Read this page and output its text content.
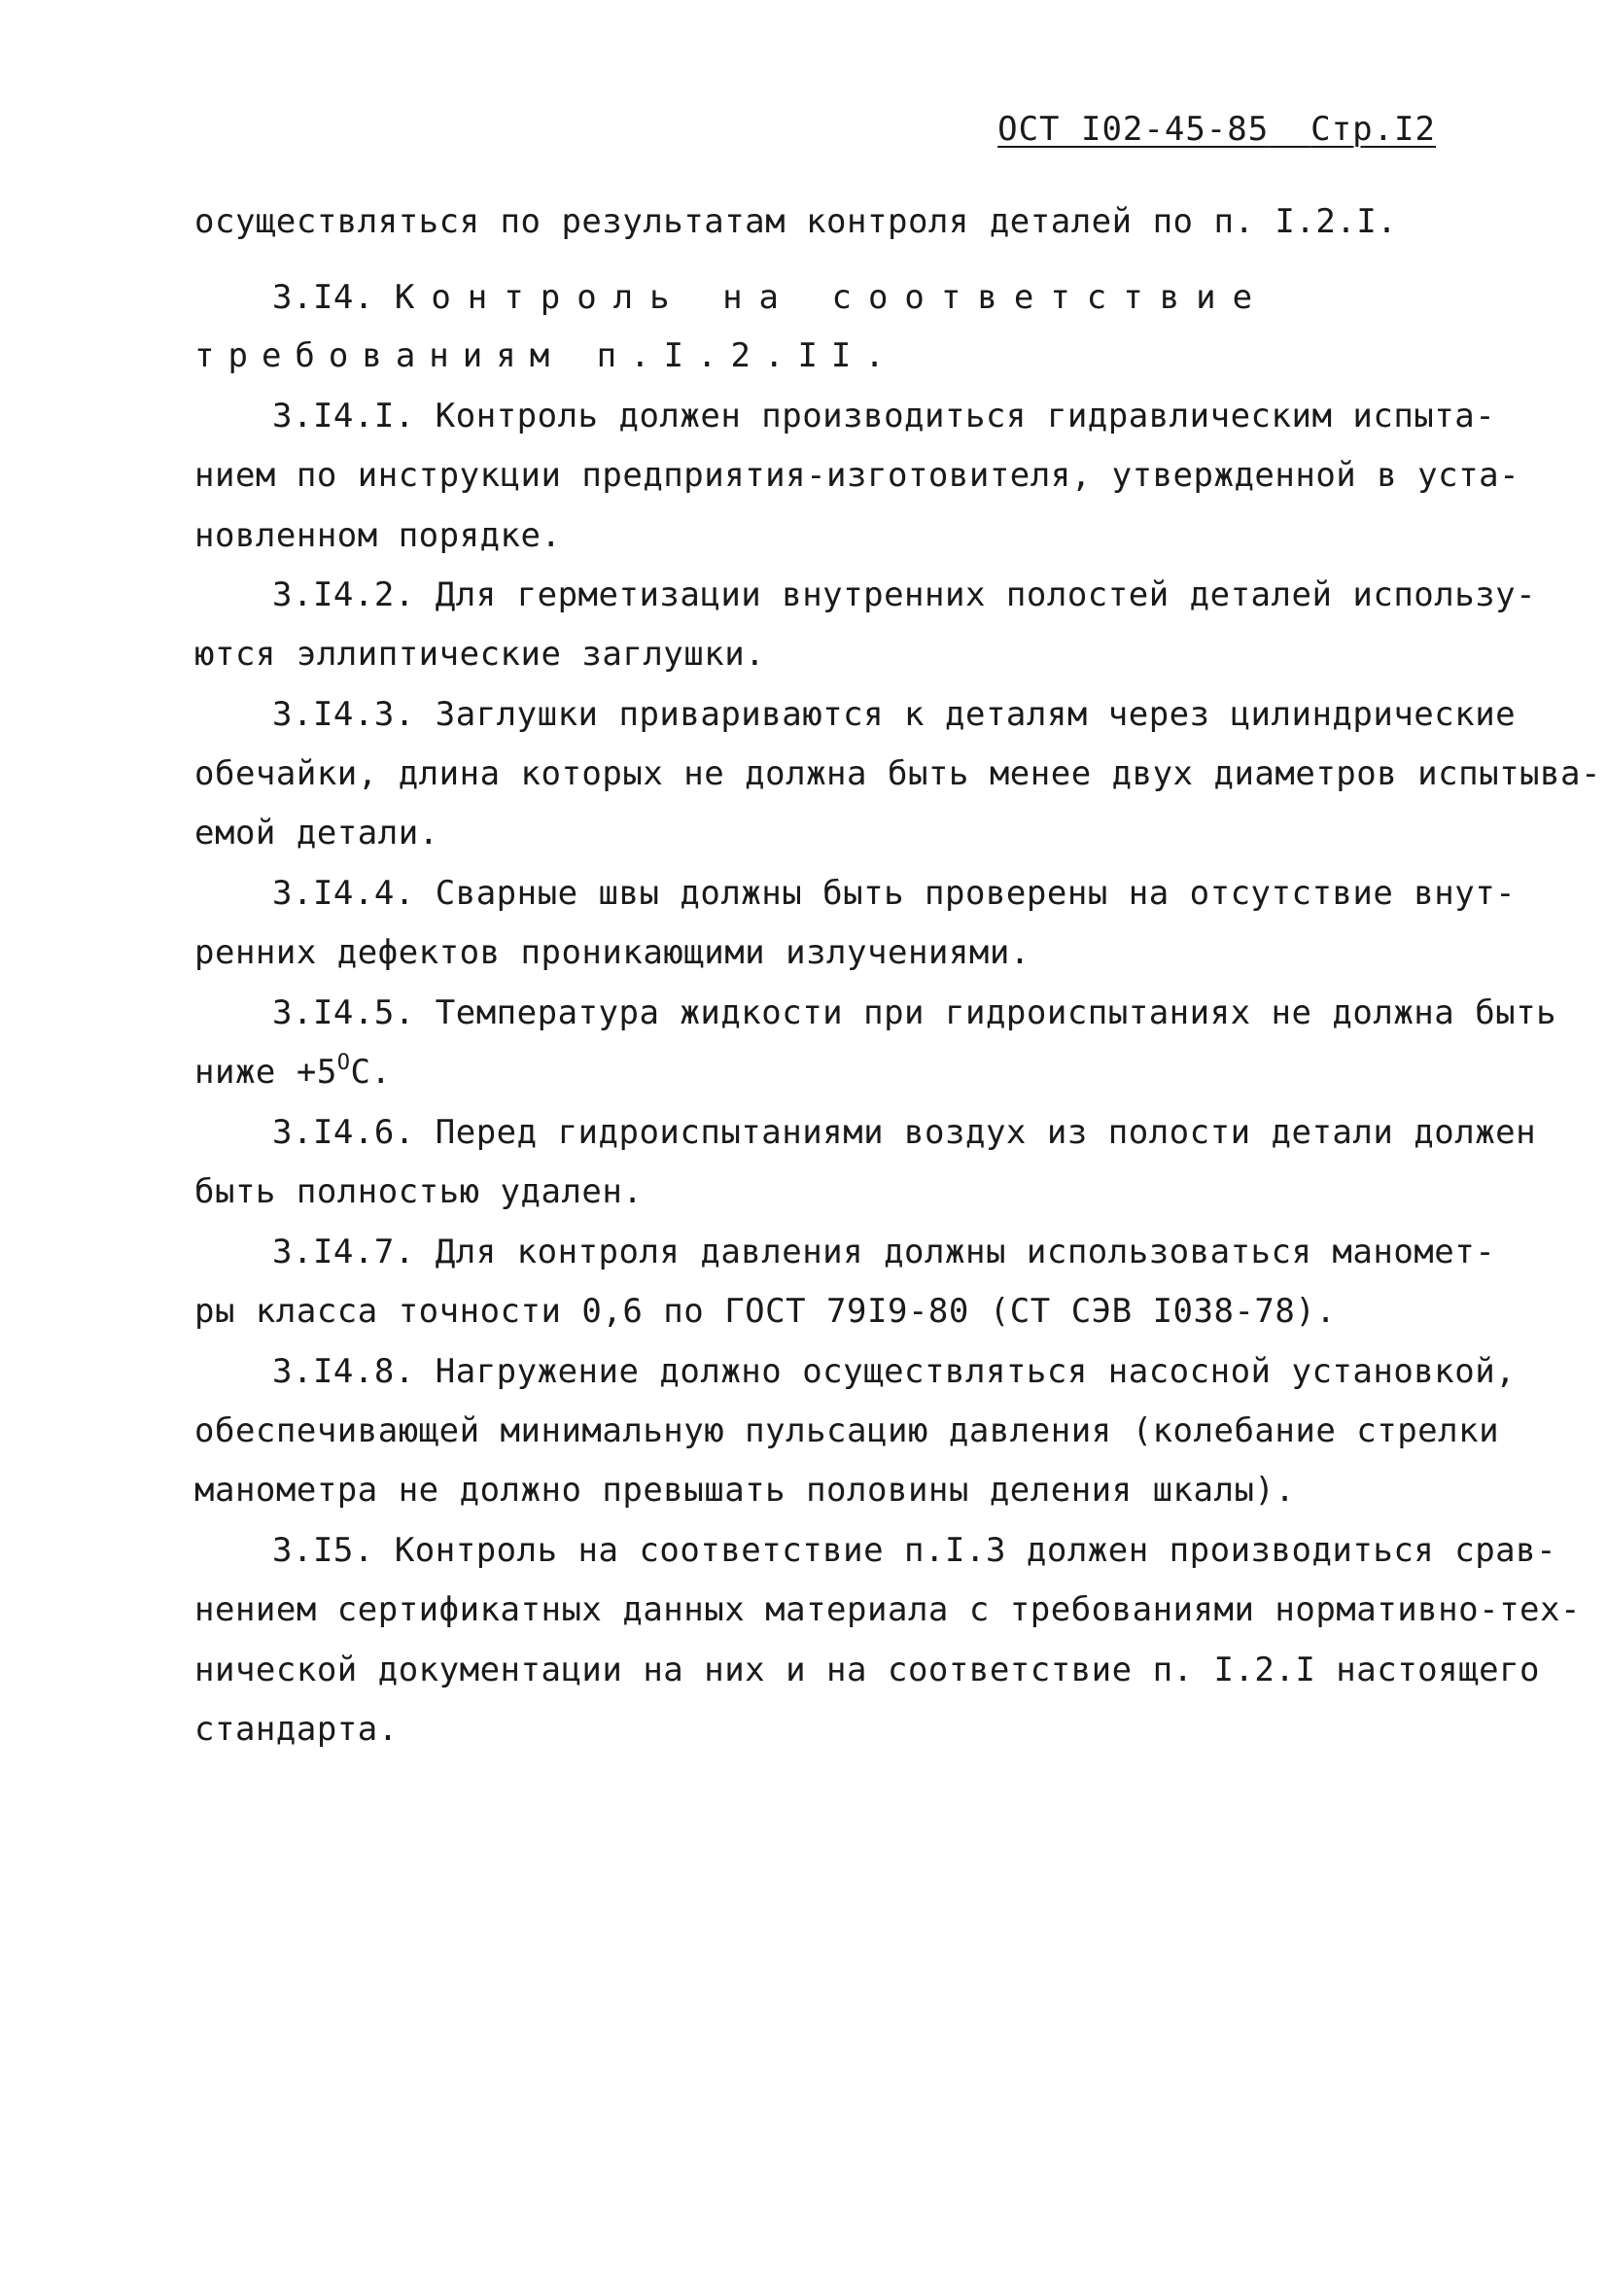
ОСТ I02-45-85 Стр.I2
осуществляться по результатам контроля деталей по п. I.2.I.
3.I4. Контроль на соответствие
требованиям п.I.2.II.
3.I4.I. Контроль должен производиться гидравлическим испыта-
нием по инструкции предприятия-изготовителя, утвержденной в уста-
новленном порядке.
3.I4.2. Для герметизации внутренних полостей деталей использу-
ются эллиптические заглушки.
3.I4.3. Заглушки привариваются к деталям через цилиндрические
обечайки, длина которых не должна быть менее двух диаметров испытыва-
емой детали.
3.I4.4. Сварные швы должны быть проверены на отсутствие внут-
ренних дефектов проникающими излучениями.
3.I4.5. Температура жидкости при гидроиспытаниях не должна быть
ниже $+5^OС$.
3.I4.6. Перед гидроиспытаниями воздух из полости детали должен
быть полностью удален.
3.I4.7. Для контроля давления должны использоваться маномет-
ры класса точности 0,6 по ГОСТ 79I9-80 (СТ СЭВ I038-78).
3.I4.8. Нагружение должно осуществляться насосной установкой,
обеспечивающей минимальную пульсацию давления (колебание стрелки
манометра не должно превышать половины деления шкалы).
3.I5. Контроль на соответствие п.I.3 должен производиться срав-
нением сертификатных данных материала с требованиями нормативно-тех-
нической документации на них и на соответствие п. I.2.I настоящего
стандарта.
